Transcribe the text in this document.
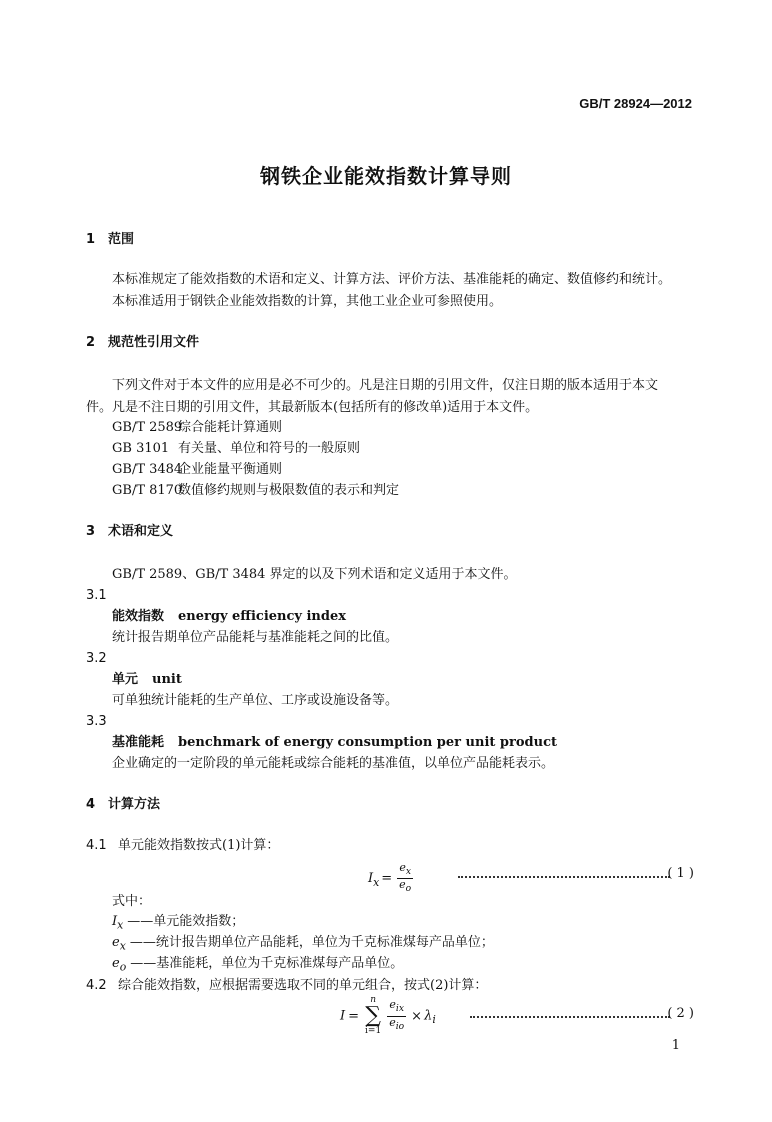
GB/T 28924—2012
钢铁企业能效指数计算导则
1 范围
本标准规定了能效指数的术语和定义、计算方法、评价方法、基准能耗的确定、数值修约和统计。
本标准适用于钢铁企业能效指数的计算，其他工业企业可参照使用。
2 规范性引用文件
下列文件对于本文件的应用是必不可少的。凡是注日期的引用文件，仅注日期的版本适用于本文
件。凡是不注日期的引用文件，其最新版本(包括所有的修改单)适用于本文件。
GB/T 2589综合能耗计算通则
GB 3101 有关量、单位和符号的一般原则
GB/T 3484企业能量平衡通则
GB/T 8170数值修约规则与极限数值的表示和判定
3 术语和定义
GB/T 2589、GB/T 3484 界定的以及下列术语和定义适用于本文件。
3.1
能效指数 energy efficiency index
统计报告期单位产品能耗与基准能耗之间的比值。
3.2
单元 unit
可单独统计能耗的生产单位、工序或设施设备等。
3.3
基准能耗 benchmark of energy consumption per unit product
企业确定的一定阶段的单元能耗或综合能耗的基准值，以单位产品能耗表示。
4 计算方法
4.1 单元能效指数按式(1)计算：
$I_x = \frac{e_x}{e_o}$	( 1 )
式中：
$I_x$ ——单元能效指数；
$e_x$ ——统计报告期单位产品能耗，单位为千克标准煤每产品单位；
$e_o$ ——基准能耗，单位为千克标准煤每产品单位。
4.2 综合能效指数，应根据需要选取不同的单元组合，按式(2)计算：
I =
n
∑
$i=1 \frac{e_{ix}}{e_{io}} \times \lambda_i$	( 2 )
1
